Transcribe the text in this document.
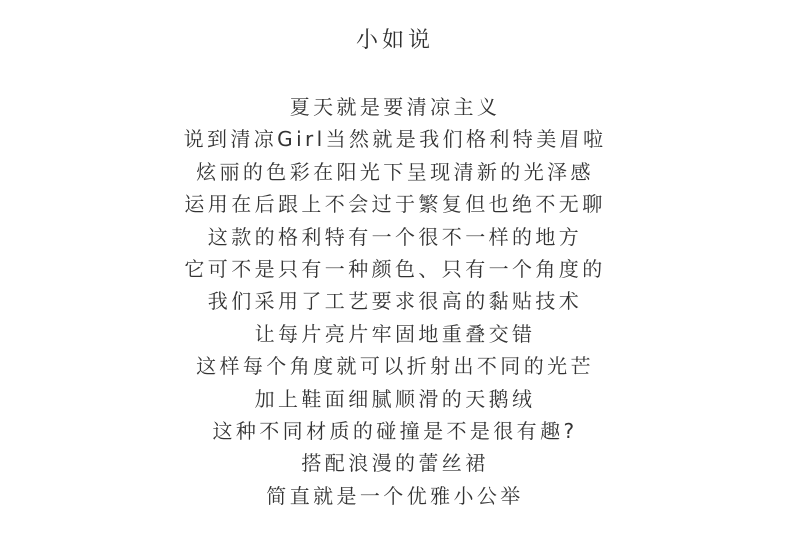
小如说
夏天就是要清凉主义
说到清凉Girl当然就是我们格利特美眉啦
炫丽的色彩在阳光下呈现清新的光泽感
运用在后跟上不会过于繁复但也绝不无聊
这款的格利特有一个很不一样的地方
它可不是只有一种颜色、只有一个角度的
我们采用了工艺要求很高的黏贴技术
让每片亮片牢固地重叠交错
这样每个角度就可以折射出不同的光芒
加上鞋面细腻顺滑的天鹅绒
这种不同材质的碰撞是不是很有趣?
搭配浪漫的蕾丝裙
简直就是一个优雅小公举
